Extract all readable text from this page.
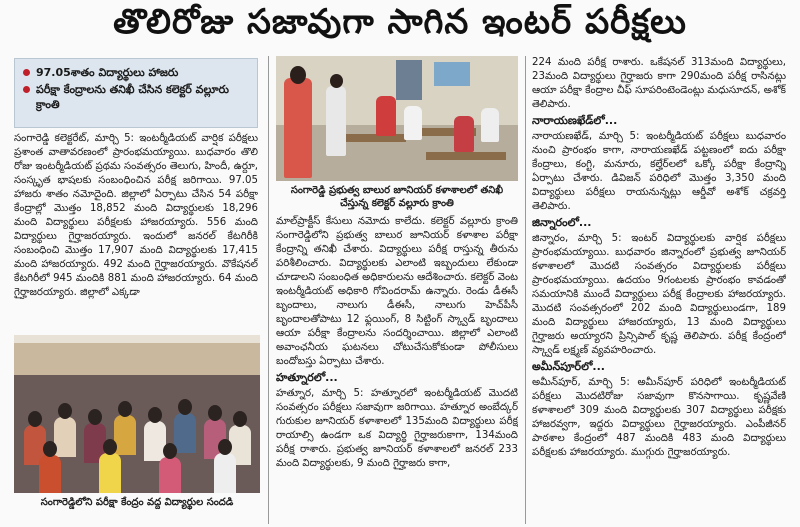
తొలిరోజు సజావుగా సాగిన ఇంటర్ పరీక్షలు
97.05శాతం విద్యార్థులు హాజరు
పరీక్షా కేంద్రాలను తనిఖీ చేసిన కలెక్టర్ వల్లూరు క్రాంతి

సంగారెడ్డి కలెక్టరేట్, మార్చి 5: ఇంటర్మీడియట్ వార్షిక పరీక్షలు ప్రశాంత వాతావరణంలో ప్రారంభమయ్యాయి. బుధవారం తొలి రోజు ఇంటర్మీడియట్ ప్రథమ సంవత్సరం తెలుగు, హిందీ, ఉర్దూ, సంస్కృత భాషలకు సంబంధించిన పరీక్ష జరిగాయి. 97.05 హాజరు శాతం నమోదైంది. జిల్లాలో ఏర్పాటు చేసిన 54 పరీక్షా కేంద్రాల్లో మొత్తం 18,852 మంది విద్యార్థులకు 18,296 మంది విద్యార్థులు పరీక్షలకు హాజరయ్యారు. 556 మంది విద్యార్థులు గైర్హాజరయ్యారు. ఇందులో జనరల్ కేటగిరీకి సంబంధించి మొత్తం 17,907 మంది విద్యార్థులకు 17,415 మంది హాజరయ్యారు. 492 మంది గైర్హాజరయ్యారు. వొకేషనల్ కేటగిరీలో 945 మందికి 881 మంది హాజరయ్యారు. 64 మంది గైర్హాజరయ్యారు. జిల్లాలో ఎక్కడా

సంగారెడ్డిలోని పరీక్షా కేంద్రం వద్ద విద్యార్థుల సందడి
సంగారెడ్డి ప్రభుత్వ బాలుర జూనియర్ కళాశాలలో తనిఖీ చేస్తున్న కలెక్టర్ వల్లూరు క్రాంతి

మాల్‌ప్రాక్టీస్ కేసులు నమోదు కాలేదు. కలెక్టర్ వల్లూరు క్రాంతి సంగారెడ్డిలోని ప్రభుత్వ బాలుర జూనియర్ కళాశాల పరీక్షా కేంద్రాన్ని తనిఖీ చేశారు. విద్యార్థులు పరీక్ష రాస్తున్న తీరును పరిశీలించారు. విద్యార్థులకు ఎలాంటి ఇబ్బందులు లేకుండా చూడాలని సంబంధిత అధికారులను ఆదేశించారు. కలెక్టర్ వెంట ఇంటర్మీడియట్ అధికారి గోవిందరామ్ ఉన్నారు. రెండు డీఈసీ బృందాలు, నాలుగు డీఈసీ, నాలుగు హెచ్‌పీసీ బృందాలతోపాటు 12 ఫ్లయింగ్, 8 సిట్టింగ్ స్క్వాడ్ బృందాలు ఆయా పరీక్షా కేంద్రాలను సందర్శించాయి. జిల్లాలో ఎలాంటి అవాంఛనీయ ఘటనలు చోటుచేసుకోకుండా పోలీసులు బందోబస్తు ఏర్పాటు చేశారు.

హత్నూరలో...

హత్నూర, మార్చి 5: హత్నూరలో ఇంటర్మీడియట్ మొదటి సంవత్సరం పరీక్షలు సజావుగా జరిగాయి. హత్నూర అంబేద్కర్ గురుకుల జూనియర్ కళాశాలలో 135మంది విద్యార్థులు పరీక్ష రాయాల్సి ఉండగా ఒక విద్యార్థి గైర్హాజరుకాగా, 134మంది పరీక్ష రాశారు. ప్రభుత్వ జూనియర్ కళాశాలలో జనరల్ 233 మంది విద్యార్థులకు, 9 మంది గైర్హాజరు కాగా,

224 మంది పరీక్ష రాశారు. ఒకేషనల్ 313మంది విద్యార్థులు, 23మంది విద్యార్థులు గైర్హాజరు కాగా 290మంది పరీక్ష రాసినట్లు ఆయా పరీక్షా కేంద్రాల చీఫ్ సూపరింటెండెంట్లు మధుసూదన్, అశోక్ తెలిపారు.

నారాయణఖేడ్‌లో...

నారాయణఖేడ్, మార్చి 5: ఇంటర్మీడియట్ పరీక్షలు బుధవారం నుంచి ప్రారంభం కాగా, నారాయణఖేడ్ పట్టణంలో ఐదు పరీక్షా కేంద్రాలు, కంగ్టి, మనూరు, కల్హేర్‌లలో ఒక్కో పరీక్షా కేంద్రాన్ని ఏర్పాటు చేశారు. డివిజన్ పరిధిలో మొత్తం 3,350 మంది విద్యార్థులు పరీక్షలు రాయనున్నట్లు ఆర్డీవో అశోక్ చక్రవర్తి తెలిపారు.

జిన్నారంలో...

జిన్నారం, మార్చి 5: ఇంటర్ విద్యార్థులకు వార్షిక పరీక్షలు ప్రారంభమయ్యాయి. బుధవారం జిన్నారంలో ప్రభుత్వ జూనియర్ కళాశాలలో మొదటి సంవత్సరం విద్యార్థులకు పరీక్షలు ప్రారంభమయ్యాయి. ఉదయం 9గంటలకు ప్రారంభం కావడంతో సమయానికి ముందే విద్యార్థులు పరీక్ష కేంద్రాలకు హాజరయ్యారు. మొదటి సంవత్సరంలో 202 మంది విద్యార్థులుండగా, 189 మంది విద్యార్థులు హాజరయ్యారు, 13 మంది విద్యార్థులు గైర్హాజరు అయ్యారని ప్రిన్సిపాల్ కృష్ణ తెలిపారు. పరీక్ష కేంద్రంలో స్క్వాడ్ లక్ష్మణ్ వ్యవహరించారు.

అమీన్‌పూర్‌లో...

అమీన్‌పూర్, మార్చి 5: అమీన్‌పూర్ పరిధిలో ఇంటర్మీడియట్ పరీక్షలు మొదటిరోజు సజావుగా కొనసాగాయి. కృష్ణవేణి కళాశాలలో 309 మంది విద్యార్థులకు 307 విద్యార్థులు పరీక్షకు హాజరవ్వగా, ఇద్దరు విద్యార్థులు గైర్హాజరయ్యారు. ఎంపీజీనర్ పాఠశాల కేంద్రంలో 487 మందికి 483 మంది విద్యార్థులు పరీక్షలకు హాజరయ్యారు. ముగ్గురు గైర్హాజరయ్యారు.
